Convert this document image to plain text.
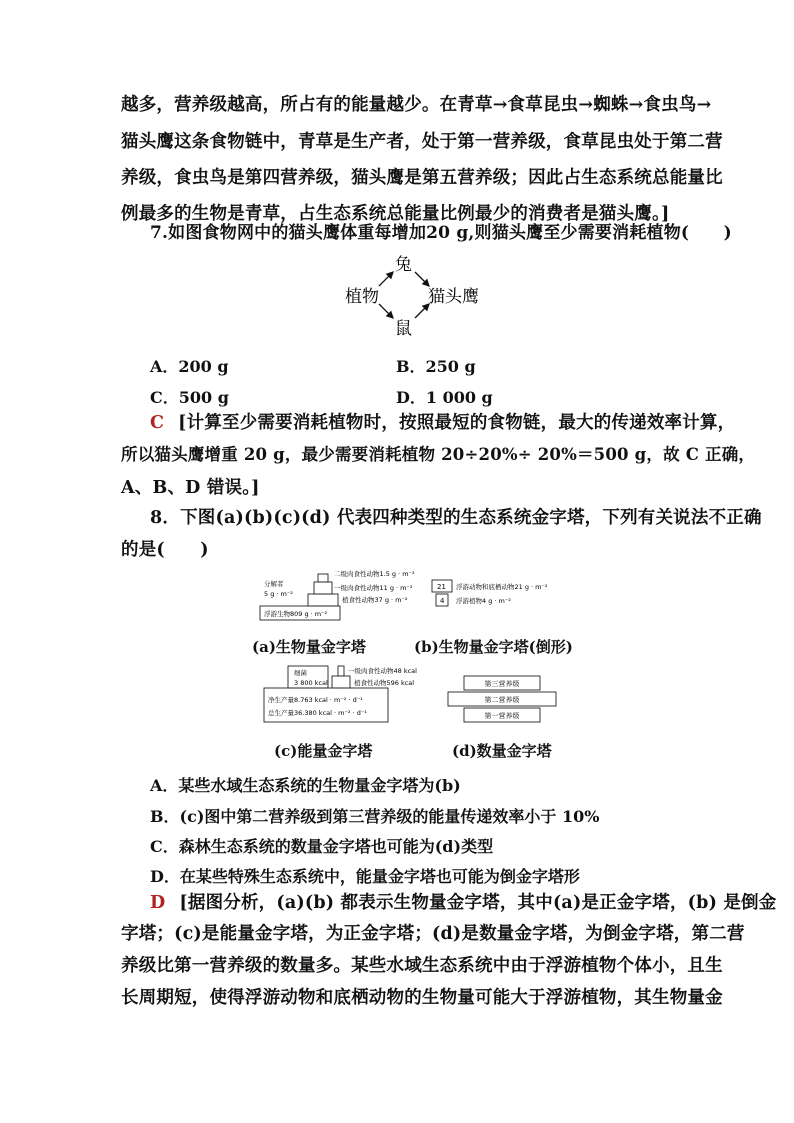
越多，营养级越高，所占有的能量越少。在青草→食草昆虫→蜘蛛→食虫鸟→
猫头鹰这条食物链中，青草是生产者，处于第一营养级，食草昆虫处于第二营
养级，食虫鸟是第四营养级，猫头鹰是第五营养级；因此占生态系统总能量比
例最多的生物是青草，占生态系统总能量比例最少的消费者是猫头鹰。]
7.如图食物网中的猫头鹰体重每增加20 g,则猫头鹰至少需要消耗植物(　　)
兔
植物	猫头鹰
鼠
A．200 g	B．250 g
C．500 g	D．1 000 g
C [计算至少需要消耗植物时，按照最短的食物链，最大的传递效率计算，
所以猫头鹰增重 20 g，最少需要消耗植物 20÷20%÷ 20%＝500 g，故 C 正确，
A、B、D 错误。]
8．下图(a)(b)(c)(d) 代表四种类型的生态系统金字塔，下列有关说法不正确
的是(　　)
二级肉食性动物1.5 g · m⁻²
一级肉食性动物11 g · m⁻²
植食性动物37 g · m⁻²
分解者
5 g · m⁻²
浮游生物809 g · m⁻²
21 浮游动物和底栖动物21 g · m⁻²
4 浮游植物4 g · m⁻²
(a)生物量金字塔	(b)生物量金字塔(倒形)
细菌
3 800 kcal
一级肉食性动物48 kcal
植食性动物596 kcal
净生产量8.763 kcal · m⁻² · d⁻¹
总生产量36.380 kcal · m⁻² · d⁻¹
第三营养级
第二营养级
第一营养级
(c)能量金字塔	(d)数量金字塔
A．某些水域生态系统的生物量金字塔为(b)
B．(c)图中第二营养级到第三营养级的能量传递效率小于 10%
C．森林生态系统的数量金字塔也可能为(d)类型
D．在某些特殊生态系统中，能量金字塔也可能为倒金字塔形
D [据图分析，(a)(b) 都表示生物量金字塔，其中(a)是正金字塔，(b) 是倒金
字塔；(c)是能量金字塔，为正金字塔；(d)是数量金字塔，为倒金字塔，第二营
养级比第一营养级的数量多。某些水域生态系统中由于浮游植物个体小，且生
长周期短，使得浮游动物和底栖动物的生物量可能大于浮游植物，其生物量金
